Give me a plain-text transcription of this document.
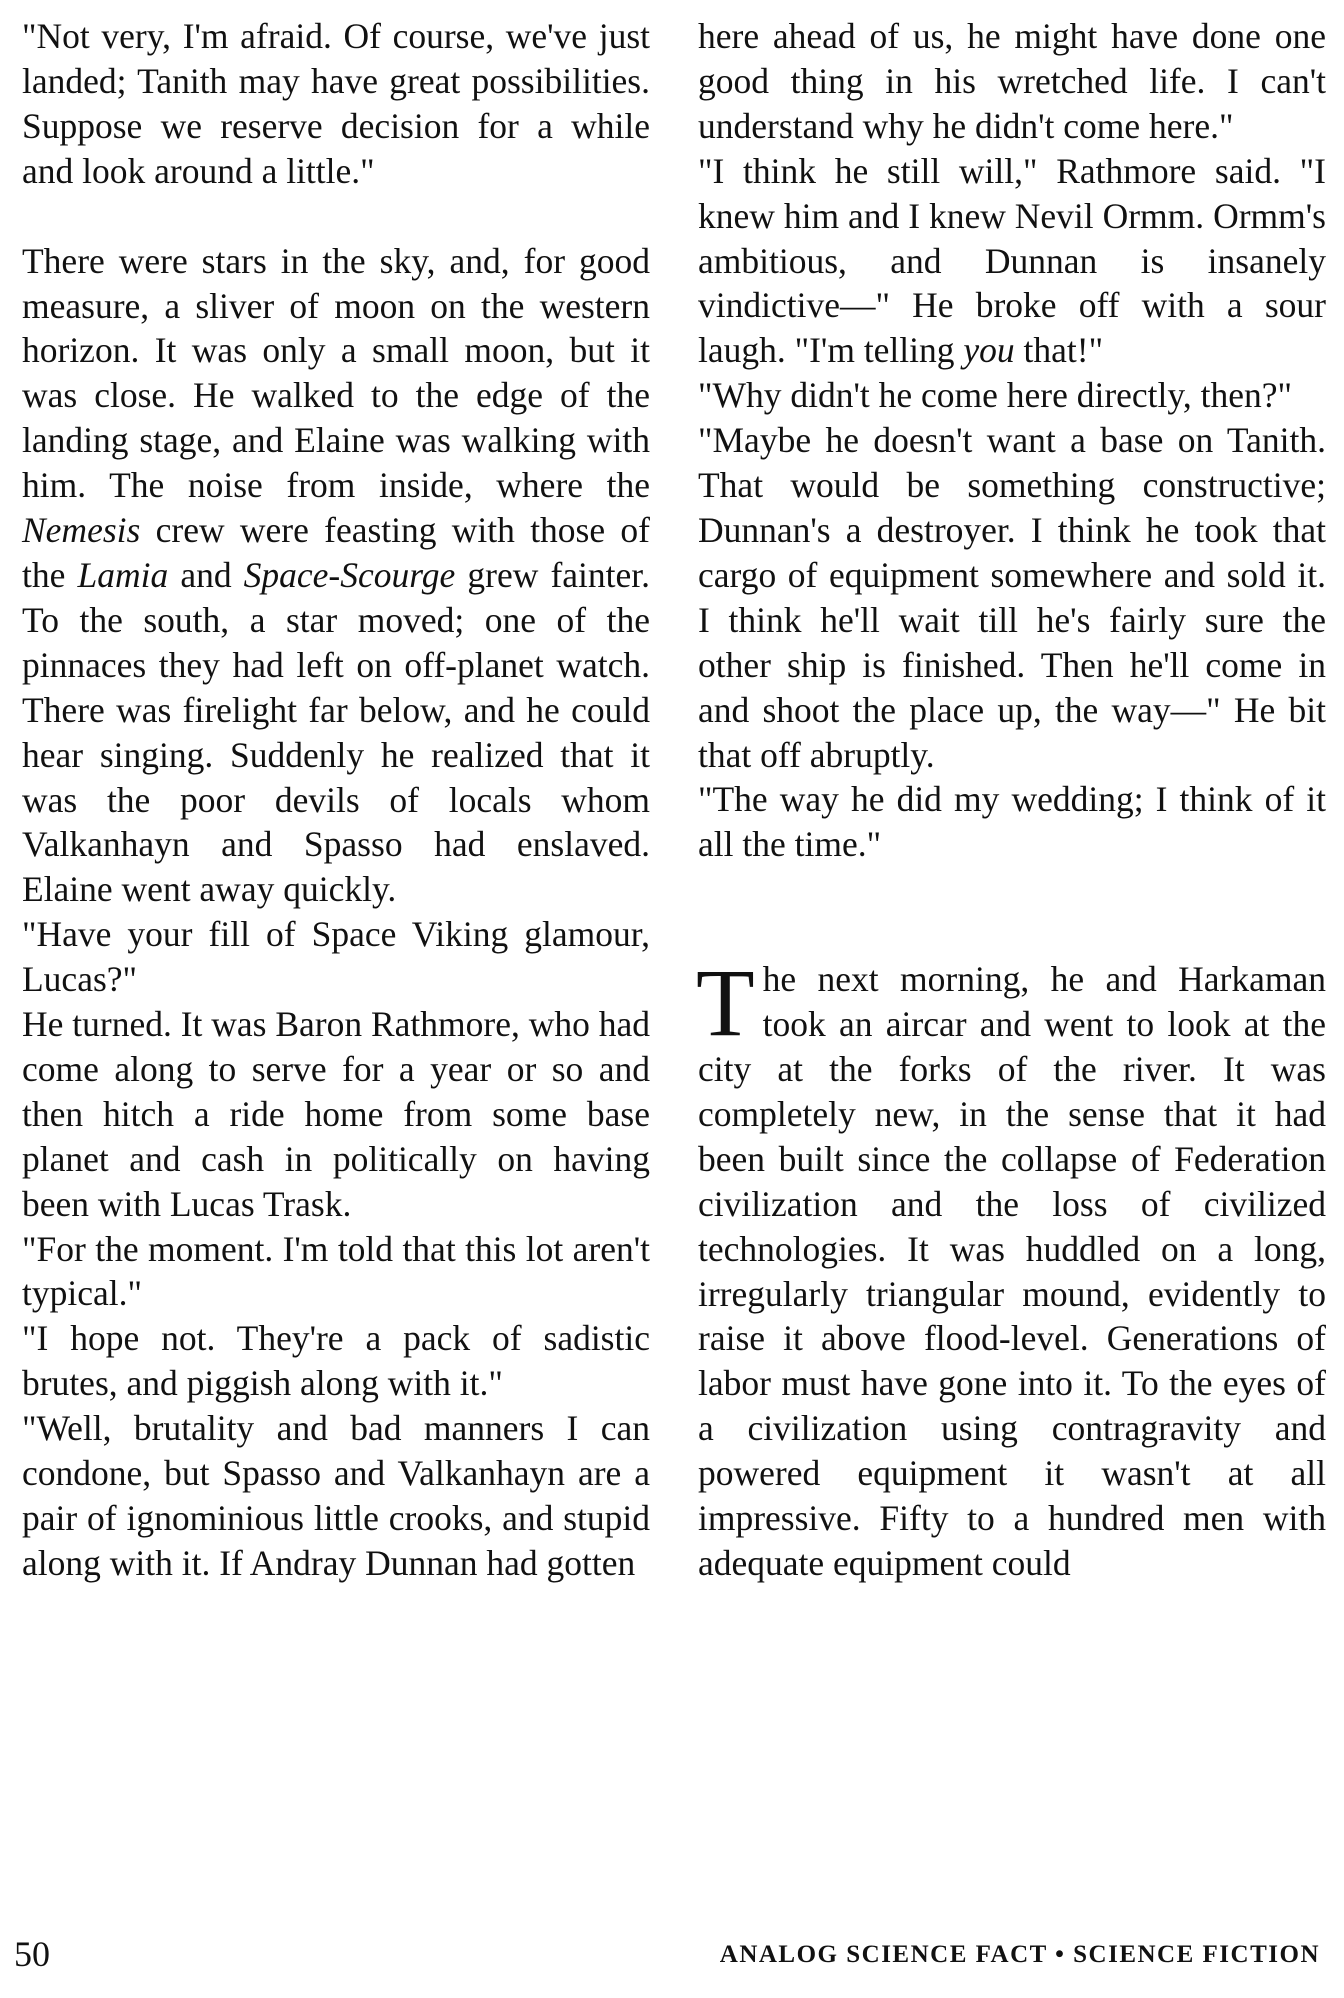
"Not very, I'm afraid. Of course, we've just landed; Tanith may have great possibilities. Suppose we reserve decision for a while and look around a little."

There were stars in the sky, and, for good measure, a sliver of moon on the western horizon. It was only a small moon, but it was close. He walked to the edge of the landing stage, and Elaine was walking with him. The noise from inside, where the Nemesis crew were feasting with those of the Lamia and Space-Scourge grew fainter. To the south, a star moved; one of the pinnaces they had left on off-planet watch. There was firelight far below, and he could hear singing. Suddenly he realized that it was the poor devils of locals whom Valkanhayn and Spasso had enslaved. Elaine went away quickly.

"Have your fill of Space Viking glamour, Lucas?"

He turned. It was Baron Rathmore, who had come along to serve for a year or so and then hitch a ride home from some base planet and cash in politically on having been with Lucas Trask.

"For the moment. I'm told that this lot aren't typical."

"I hope not. They're a pack of sadistic brutes, and piggish along with it."

"Well, brutality and bad manners I can condone, but Spasso and Valkanhayn are a pair of ignominious little crooks, and stupid along with it. If Andray Dunnan had gotten

here ahead of us, he might have done one good thing in his wretched life. I can't understand why he didn't come here."

"I think he still will," Rathmore said. "I knew him and I knew Nevil Ormm. Ormm's ambitious, and Dunnan is insanely vindictive—" He broke off with a sour laugh. "I'm telling you that!"

"Why didn't he come here directly, then?"

"Maybe he doesn't want a base on Tanith. That would be something constructive; Dunnan's a destroyer. I think he took that cargo of equipment somewhere and sold it. I think he'll wait till he's fairly sure the other ship is finished. Then he'll come in and shoot the place up, the way—" He bit that off abruptly.

"The way he did my wedding; I think of it all the time."

The next morning, he and Harkaman took an aircar and went to look at the city at the forks of the river. It was completely new, in the sense that it had been built since the collapse of Federation civilization and the loss of civilized technologies. It was huddled on a long, irregularly triangular mound, evidently to raise it above flood-level. Generations of labor must have gone into it. To the eyes of a civilization using contragravity and powered equipment it wasn't at all impressive. Fifty to a hundred men with adequate equipment could

50	ANALOG SCIENCE FACT • SCIENCE FICTION
